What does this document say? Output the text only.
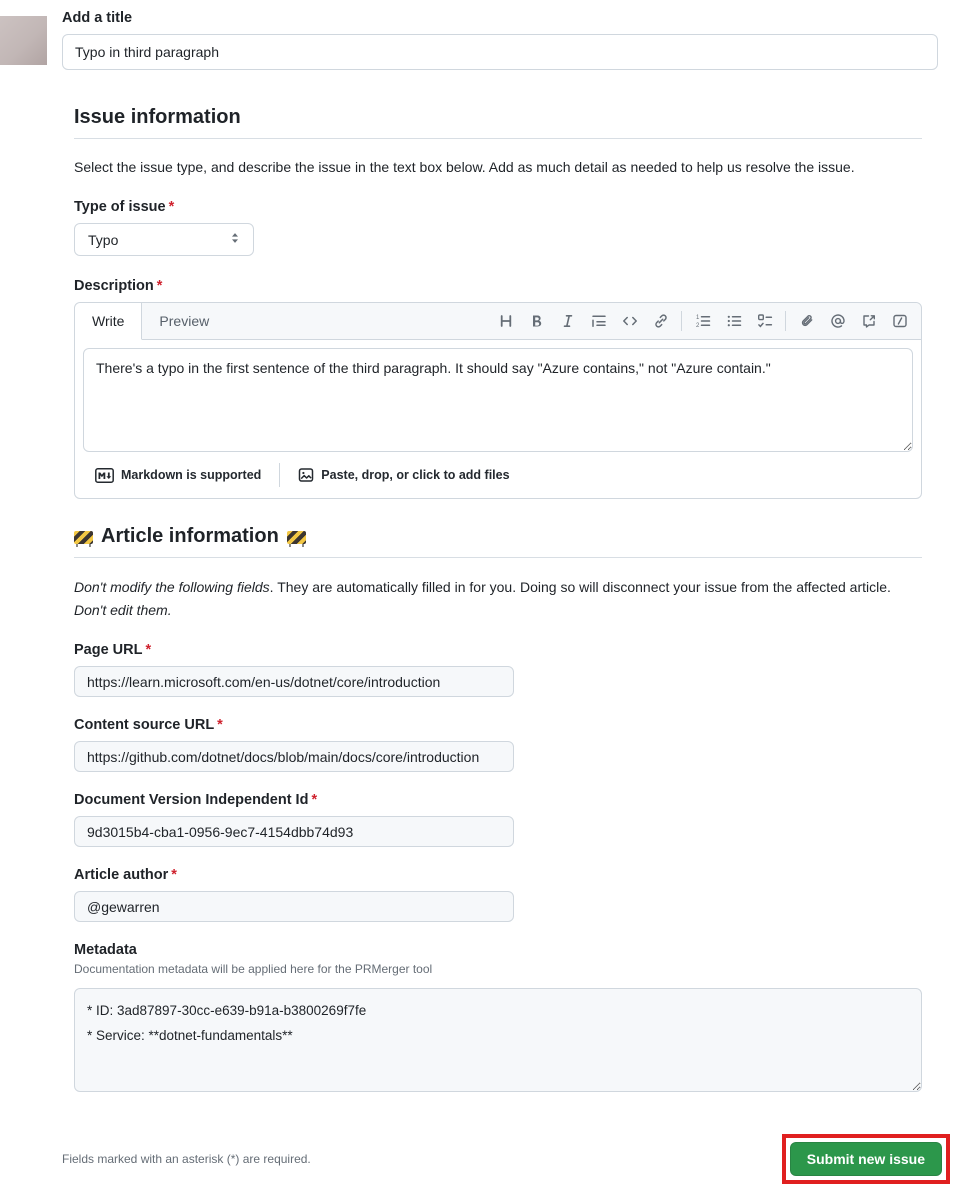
Add a title
Typo in third paragraph
Issue information

Select the issue type, and describe the issue in the text box below. Add as much detail as needed to help us resolve the issue.

Type of issue *
Typo
Description *
Write	Preview	1
2
There's a typo in the first sentence of the third paragraph. It should say "Azure contains," not "Azure contain."
Markdown is supported	Paste, drop, or click to add files
Article information

Don't modify the following fields. They are automatically filled in for you. Doing so will disconnect your issue from the affected article. Don't edit them.

Page URL *
https://learn.microsoft.com/en-us/dotnet/core/introduction
Content source URL *
https://github.com/dotnet/docs/blob/main/docs/core/introduction
Document Version Independent Id *
9d3015b4-cba1-0956-9ec7-4154dbb74d93
Article author *
@gewarren
Metadata
Documentation metadata will be applied here for the PRMerger tool
* ID: 3ad87897-30cc-e639-b91a-b3800269f7fe * Service: **dotnet-fundamentals**
Fields marked with an asterisk (*) are required.	Submit new issue
